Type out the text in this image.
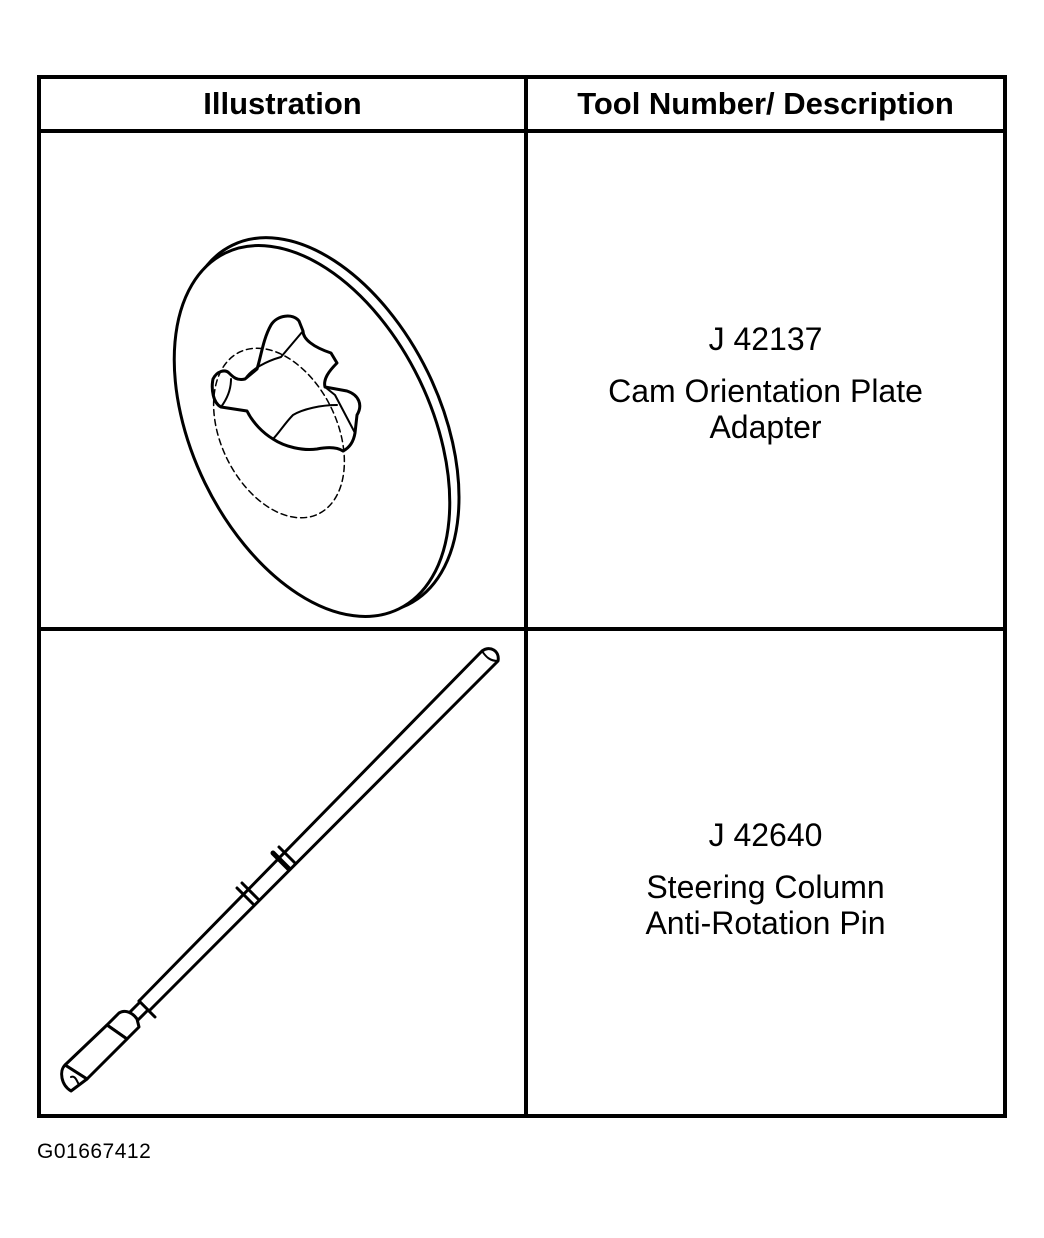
Illustration	Tool Number/ Description
J 42137
Cam Orientation Plate
Adapter
J 42640
Steering Column
Anti-Rotation Pin
G01667412
